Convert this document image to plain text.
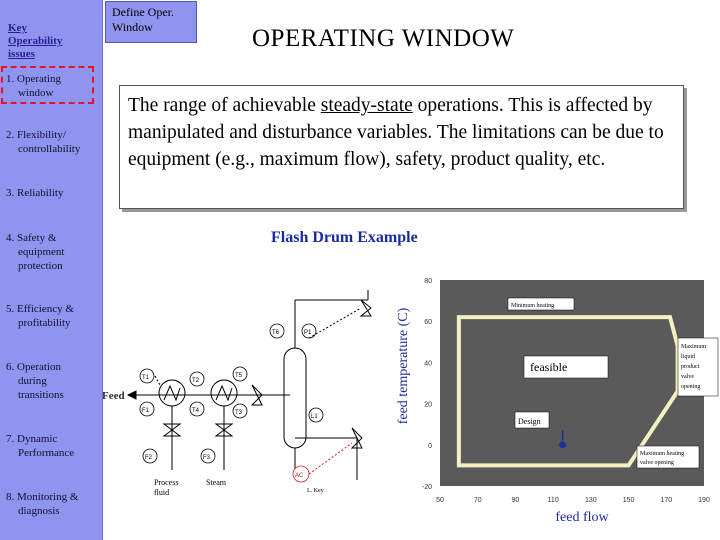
Key Operability issues
1. Operating
window
2. Flexibility/
controllability
3. Reliability
4. Safety &
equipment
protection
5. Efficiency &
profitability
6. Operation
during
transitions
7. Dynamic
Performance
8. Monitoring &
diagnosis
Define Oper.
Window	OPERATING WINDOW
The range of achievable steady-state operations. This is affected by manipulated and disturbance variables. The limitations can be due to equipment (e.g., maximum flow), safety, product quality, etc.
Flash Drum Example
T1
F1
F2
T2
T4
F3
T5
T3
T6	P1
L1
AC
Feed
Process
fluid
Steam
L. Key
80
60
40
20
0
-20
50	70	90	110	130	150	170	190
Minimum heating
Maximum
liquid
product
valve
opening
feasible
Design
Maximum heating
valve opening
feed flow
feed temperature (C)
